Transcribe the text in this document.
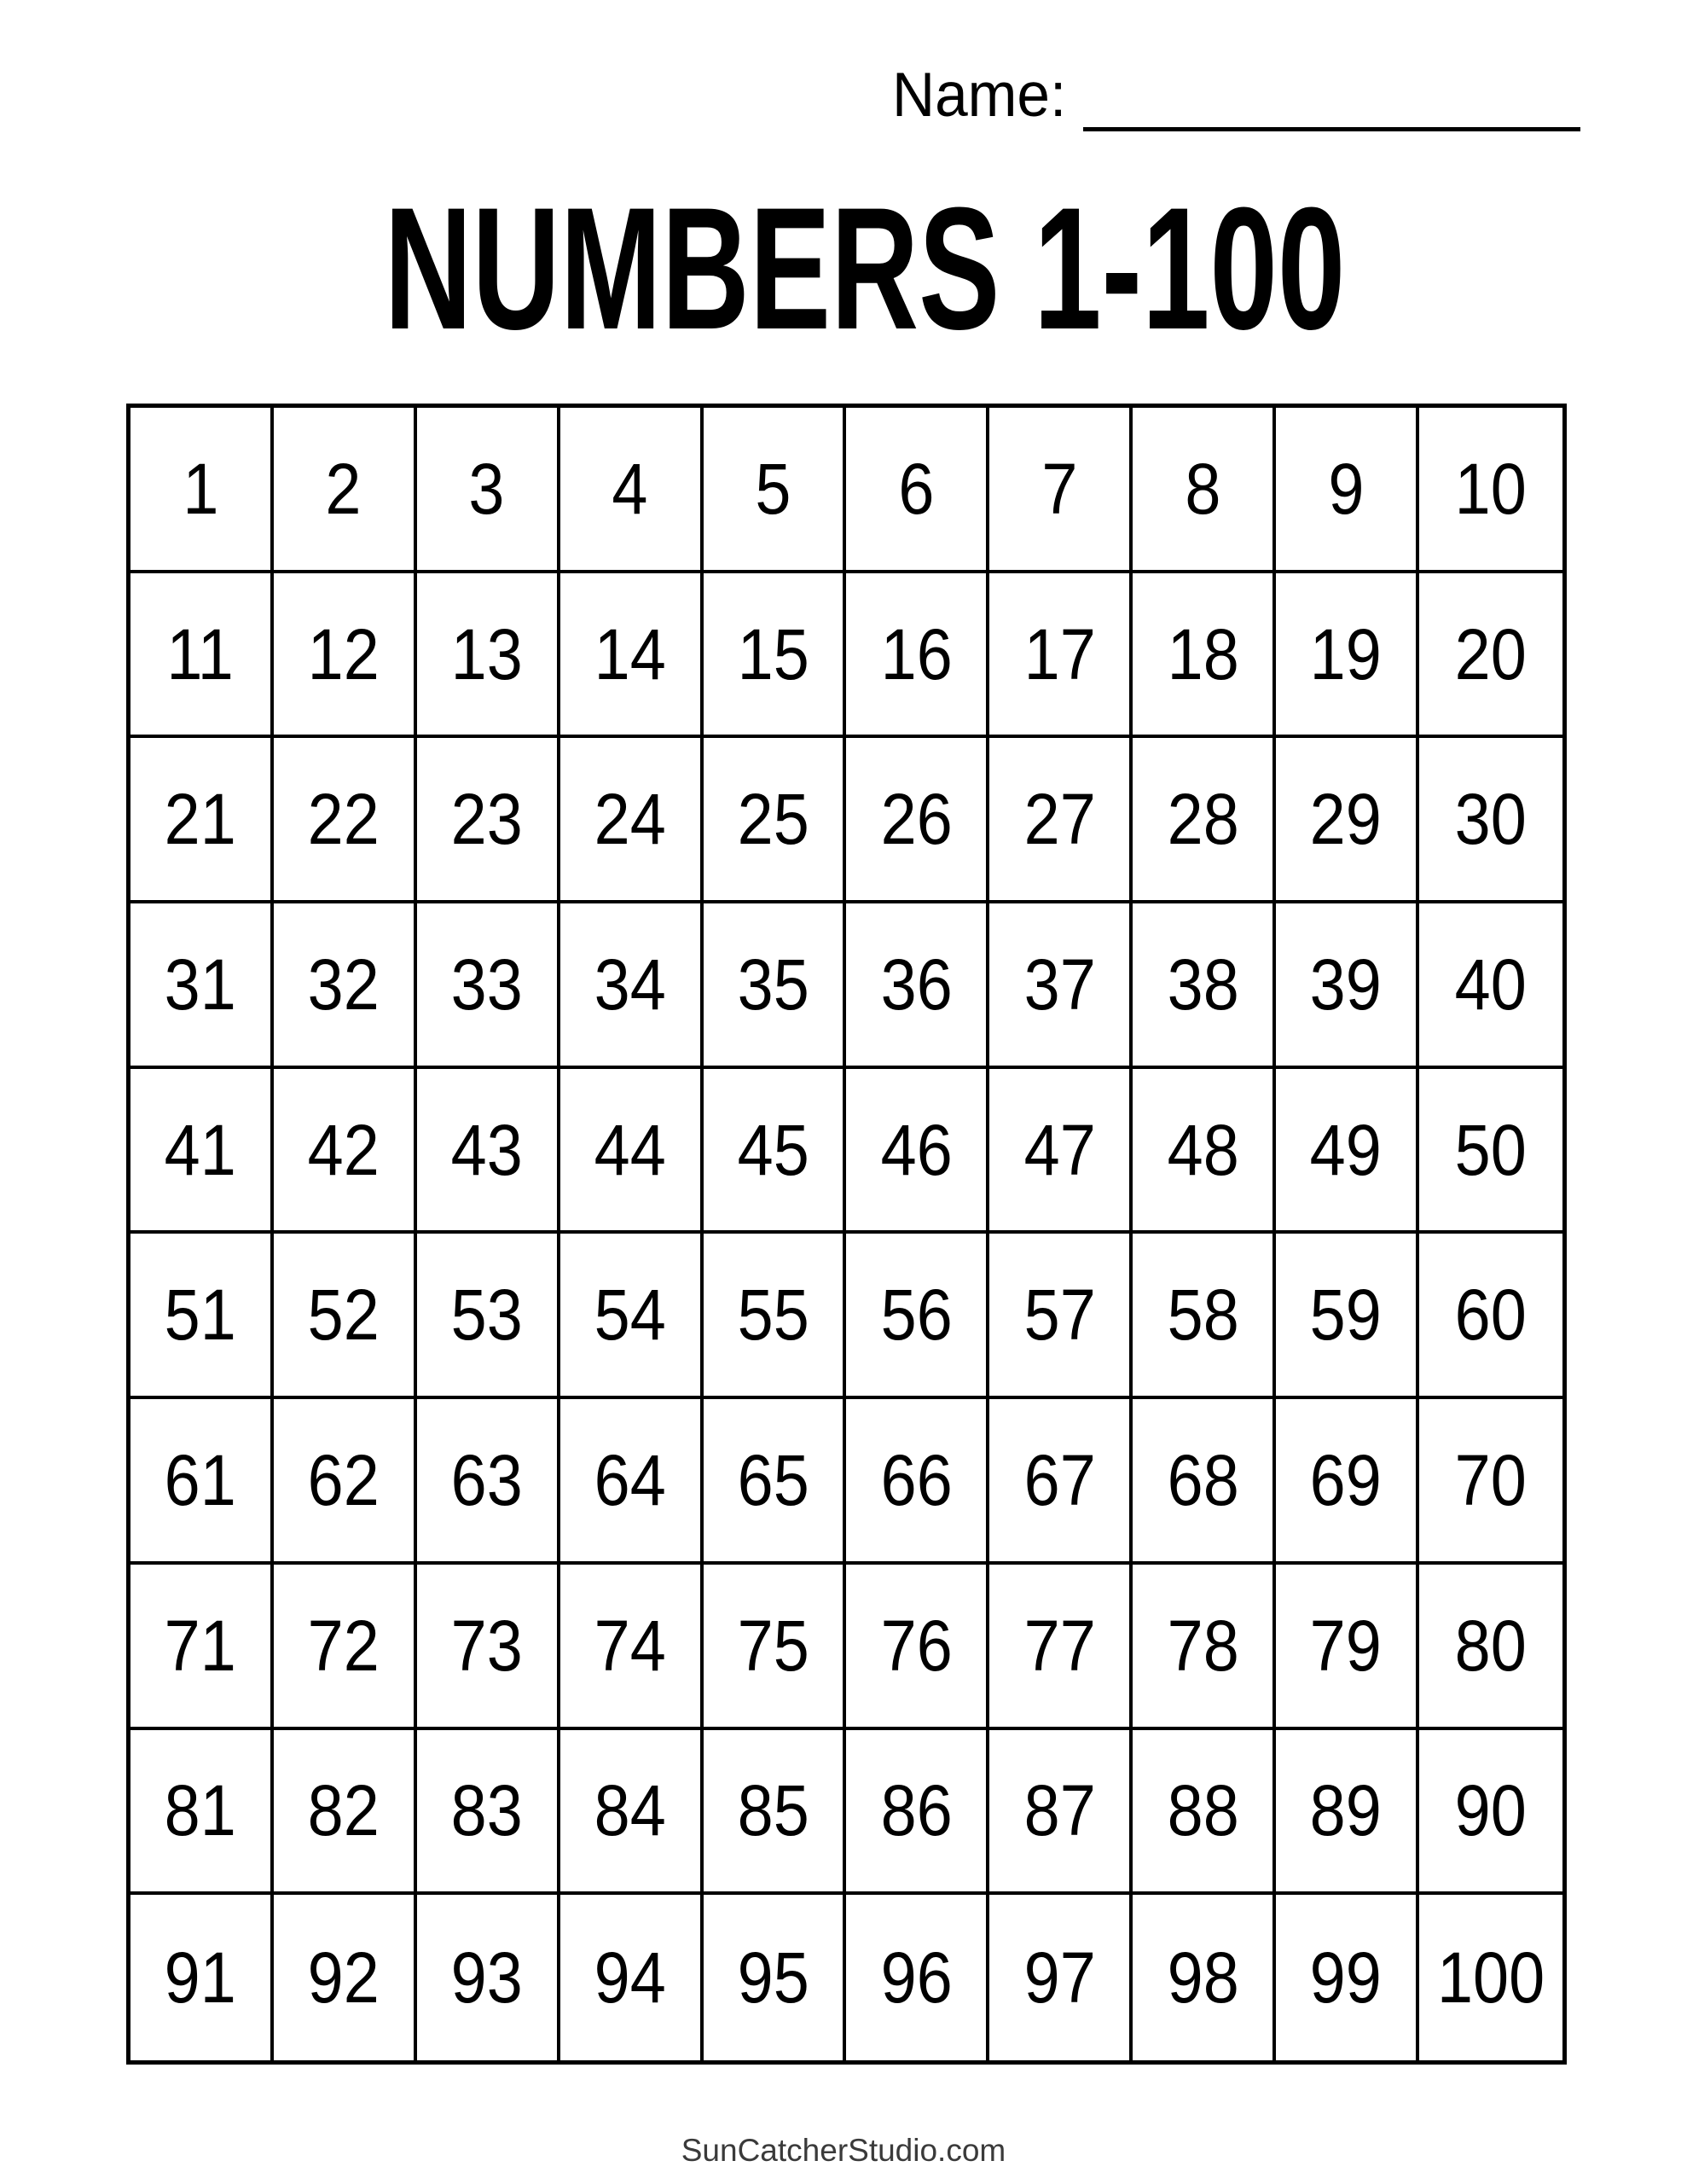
Name:
NUMBERS 1-100
1 2 3 4 5 6 7 8 9 10
11 12 13 14 15 16 17 18 19 20
21 22 23 24 25 26 27 28 29 30
31 32 33 34 35 36 37 38 39 40
41 42 43 44 45 46 47 48 49 50
51 52 53 54 55 56 57 58 59 60
61 62 63 64 65 66 67 68 69 70
71 72 73 74 75 76 77 78 79 80
81 82 83 84 85 86 87 88 89 90
91 92 93 94 95 96 97 98 99 100
SunCatcherStudio.com
